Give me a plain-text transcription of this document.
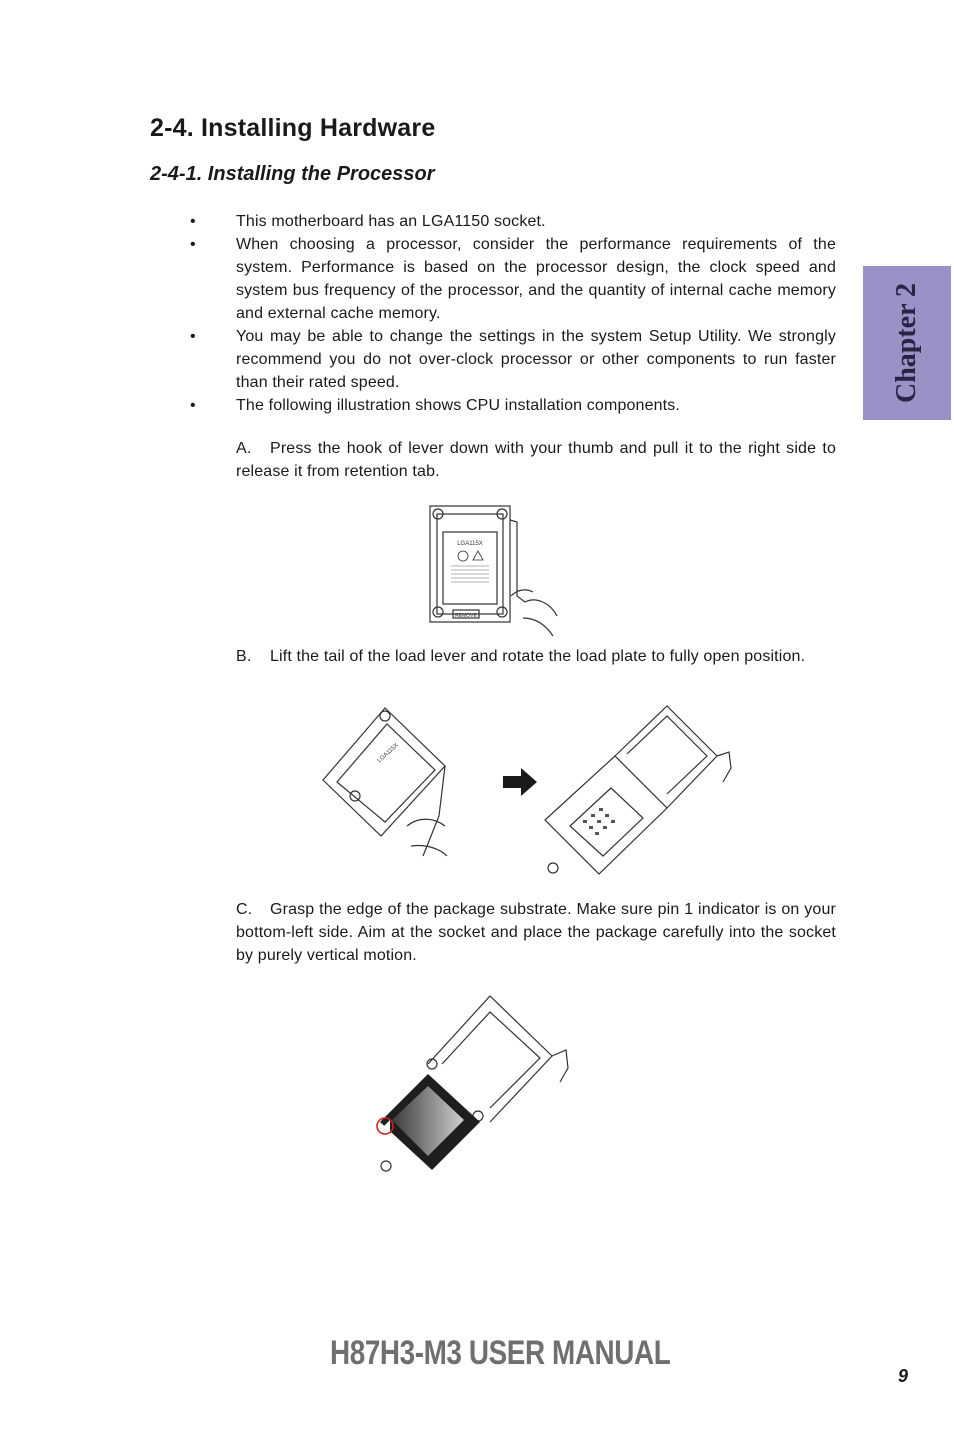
2-4. Installing Hardware
2-4-1. Installing the Processor
Chapter 2
•	This motherboard has an LGA1150 socket.
•	When choosing a processor, consider the performance requirements of the system. Performance is based on the processor design, the clock speed and system bus frequency of the processor, and the quantity of internal cache memory and external cache memory.
•	You may be able to change the settings in the system Setup Utility. We strongly recommend you do not over-clock processor or other components to run faster than their rated speed.
•	The following illustration shows CPU installation components.
A. Press the hook of lever down with your thumb and pull it to the right side to release it from retention tab.
LGA115X
REMOVE
B. Lift the tail of the load lever and rotate the load plate to fully open position.
LGA115X
C. Grasp the edge of the package substrate. Make sure pin 1 indicator is on your bottom-left side. Aim at the socket and place the package carefully into the socket by purely vertical motion.
H87H3-M3 USER MANUAL
9
